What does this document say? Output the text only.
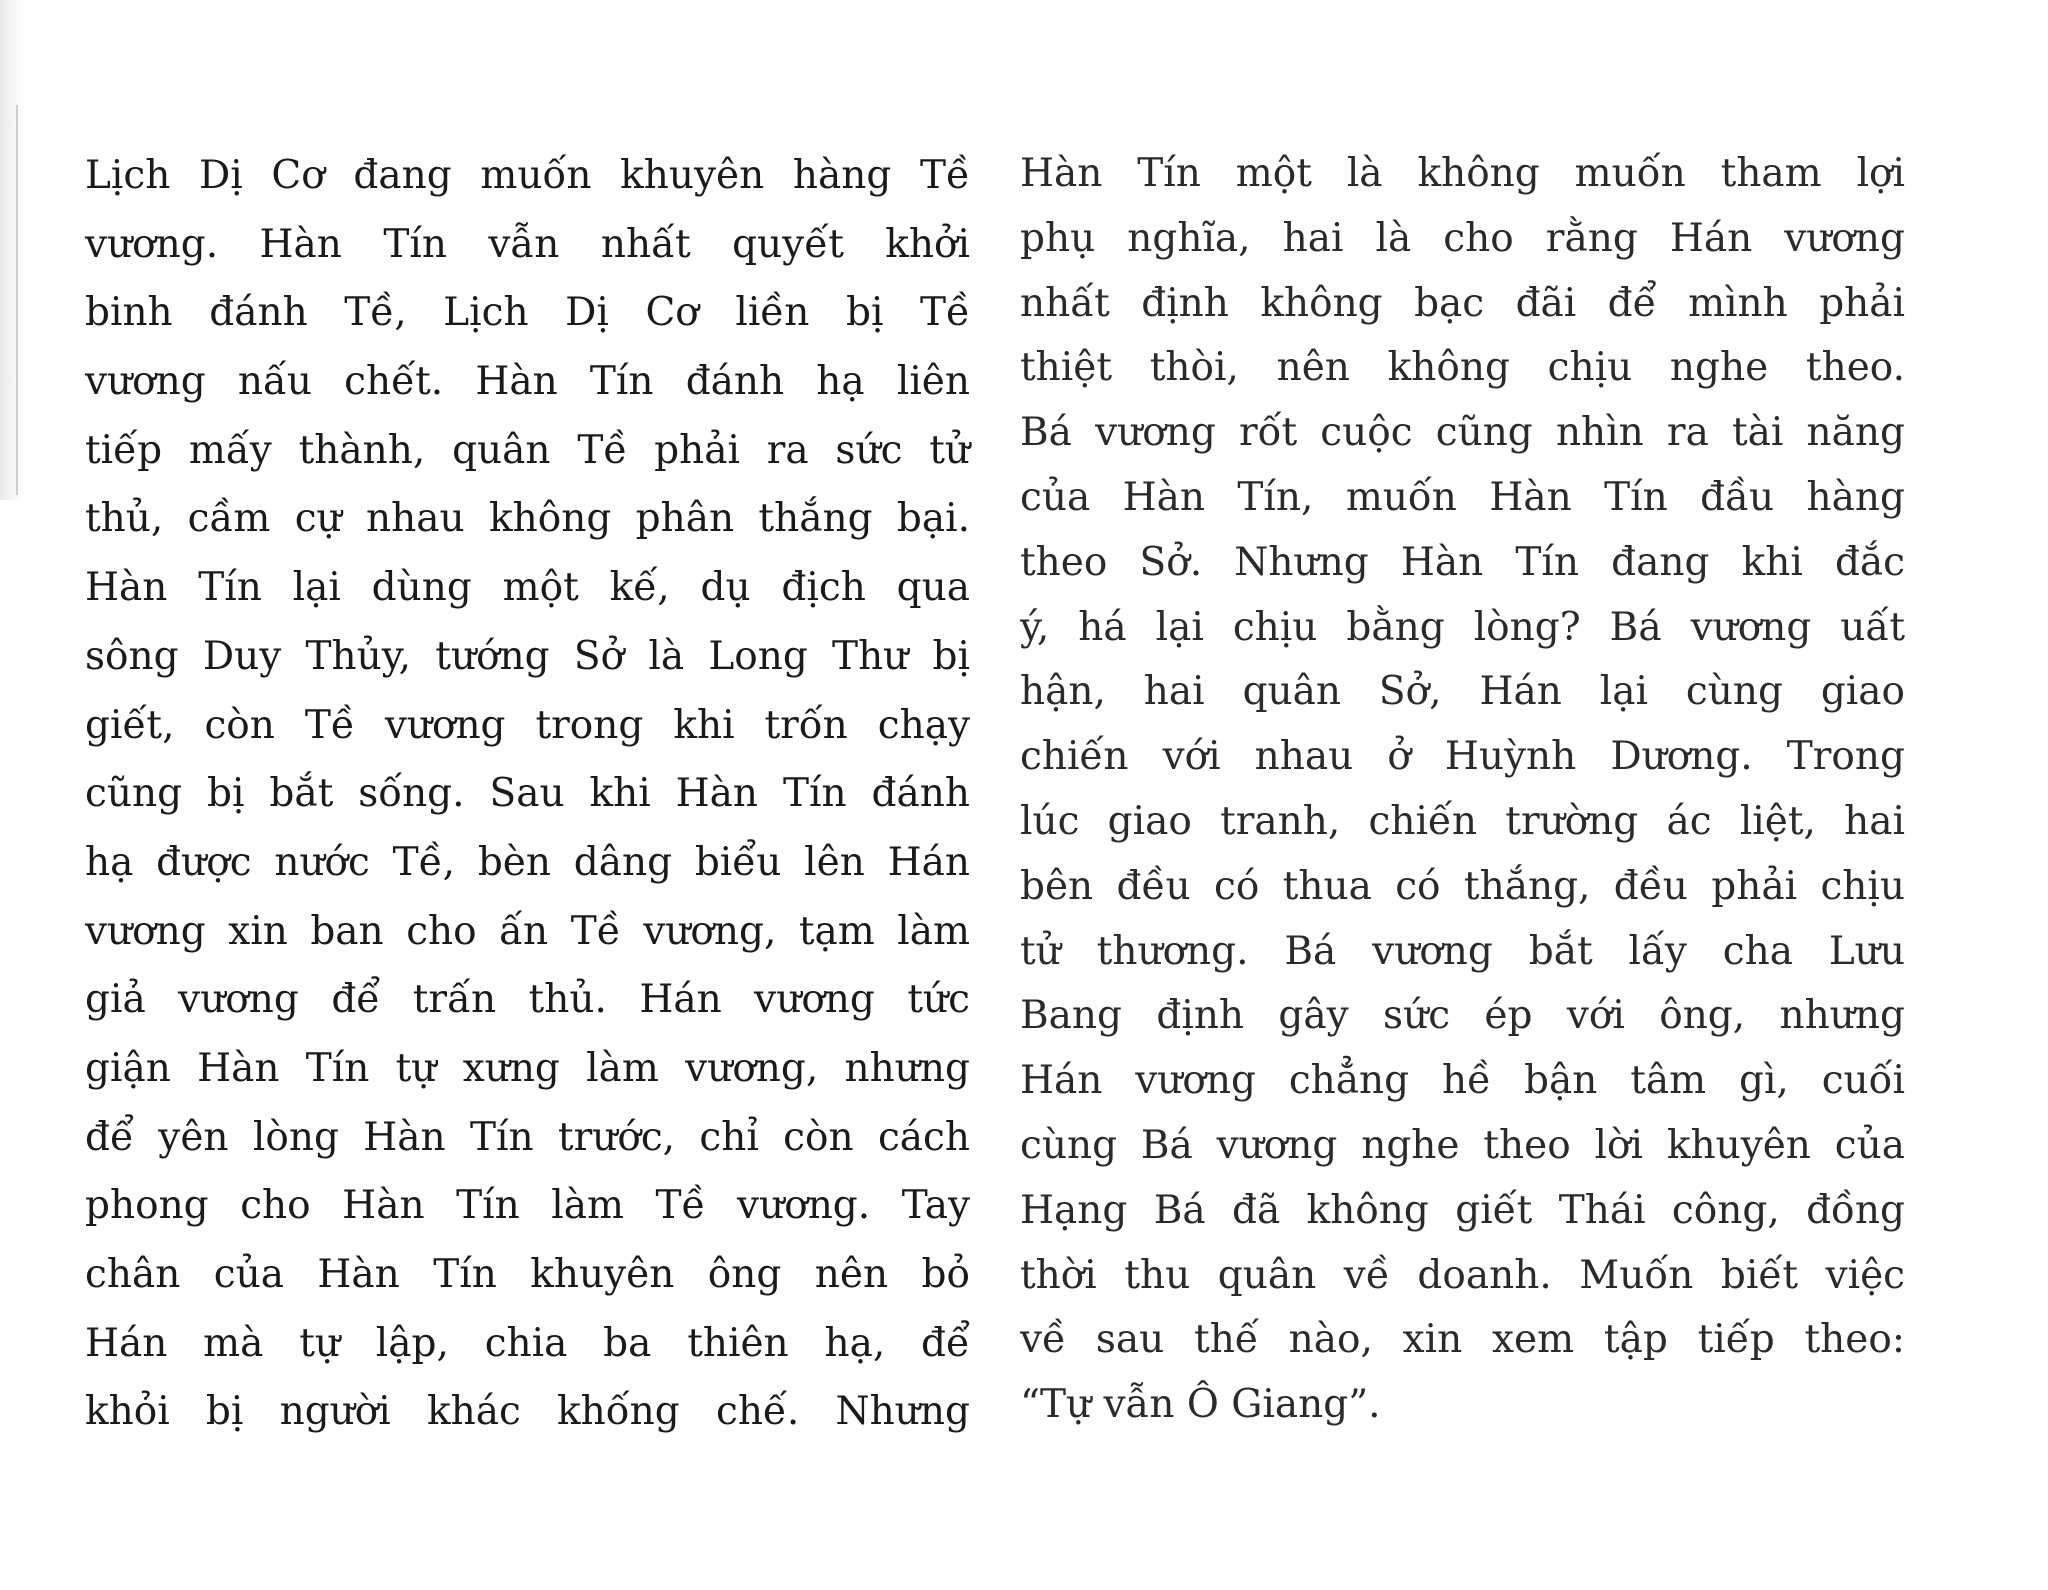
Lịch Dị Cơ đang muốn khuyên hàng Tề
vương. Hàn Tín vẫn nhất quyết khởi
binh đánh Tề, Lịch Dị Cơ liền bị Tề
vương nấu chết. Hàn Tín đánh hạ liên
tiếp mấy thành, quân Tề phải ra sức tử
thủ, cầm cự nhau không phân thắng bại.
Hàn Tín lại dùng một kế, dụ địch qua
sông Duy Thủy, tướng Sở là Long Thư bị
giết, còn Tề vương trong khi trốn chạy
cũng bị bắt sống. Sau khi Hàn Tín đánh
hạ được nước Tề, bèn dâng biểu lên Hán
vương xin ban cho ấn Tề vương, tạm làm
giả vương để trấn thủ. Hán vương tức
giận Hàn Tín tự xưng làm vương, nhưng
để yên lòng Hàn Tín trước, chỉ còn cách
phong cho Hàn Tín làm Tề vương. Tay
chân của Hàn Tín khuyên ông nên bỏ
Hán mà tự lập, chia ba thiên hạ, để
khỏi bị người khác khống chế. Nhưng
Hàn Tín một là không muốn tham lợi
phụ nghĩa, hai là cho rằng Hán vương
nhất định không bạc đãi để mình phải
thiệt thòi, nên không chịu nghe theo.
Bá vương rốt cuộc cũng nhìn ra tài năng
của Hàn Tín, muốn Hàn Tín đầu hàng
theo Sở. Nhưng Hàn Tín đang khi đắc
ý, há lại chịu bằng lòng? Bá vương uất
hận, hai quân Sở, Hán lại cùng giao
chiến với nhau ở Huỳnh Dương. Trong
lúc giao tranh, chiến trường ác liệt, hai
bên đều có thua có thắng, đều phải chịu
tử thương. Bá vương bắt lấy cha Lưu
Bang định gây sức ép với ông, nhưng
Hán vương chẳng hề bận tâm gì, cuối
cùng Bá vương nghe theo lời khuyên của
Hạng Bá đã không giết Thái công, đồng
thời thu quân về doanh. Muốn biết việc
về sau thế nào, xin xem tập tiếp theo:
“Tự vẫn Ô Giang”.
